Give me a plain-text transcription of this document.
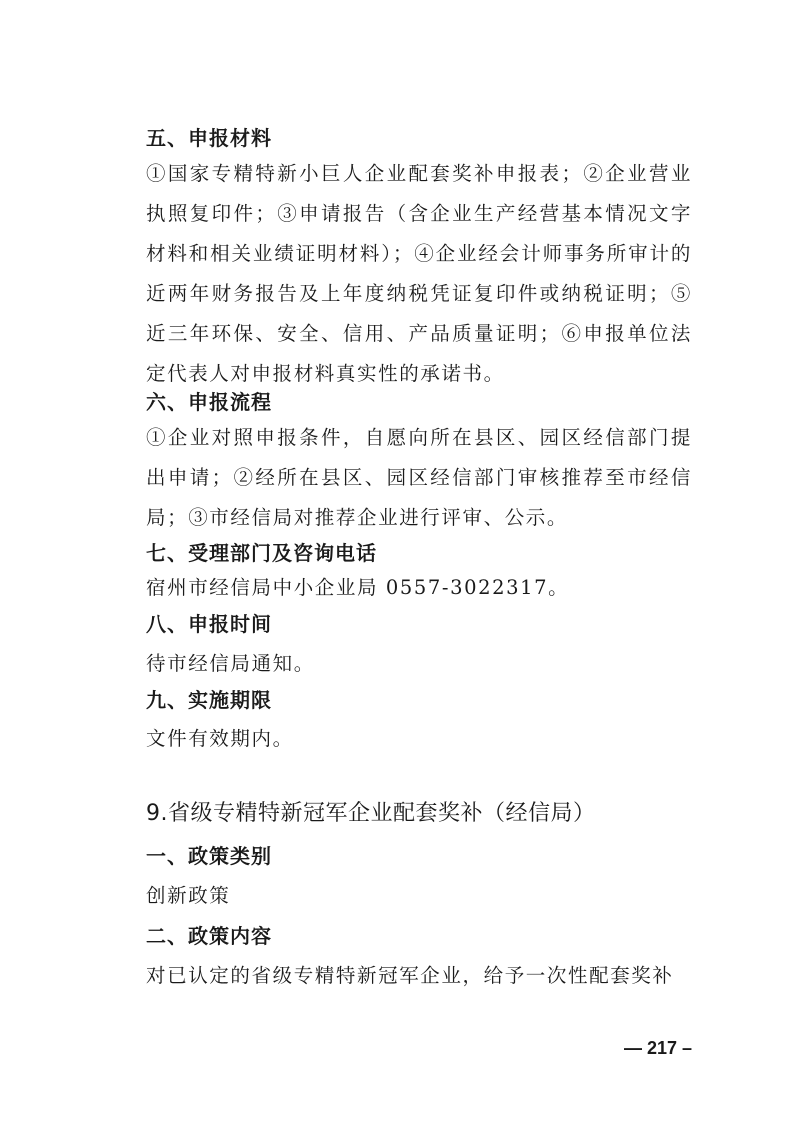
五、申报材料
①国家专精特新小巨人企业配套奖补申报表；②企业营业执照复印件；③申请报告（含企业生产经营基本情况文字材料和相关业绩证明材料）；④企业经会计师事务所审计的近两年财务报告及上年度纳税凭证复印件或纳税证明；⑤近三年环保、安全、信用、产品质量证明；⑥申报单位法定代表人对申报材料真实性的承诺书。
六、申报流程
①企业对照申报条件，自愿向所在县区、园区经信部门提出申请；②经所在县区、园区经信部门审核推荐至市经信局；③市经信局对推荐企业进行评审、公示。
七、受理部门及咨询电话
宿州市经信局中小企业局 0557-3022317。
八、申报时间
待市经信局通知。
九、实施期限
文件有效期内。
9.省级专精特新冠军企业配套奖补（经信局）
一、政策类别
创新政策
二、政策内容
对已认定的省级专精特新冠军企业，给予一次性配套奖补
— 217 –
